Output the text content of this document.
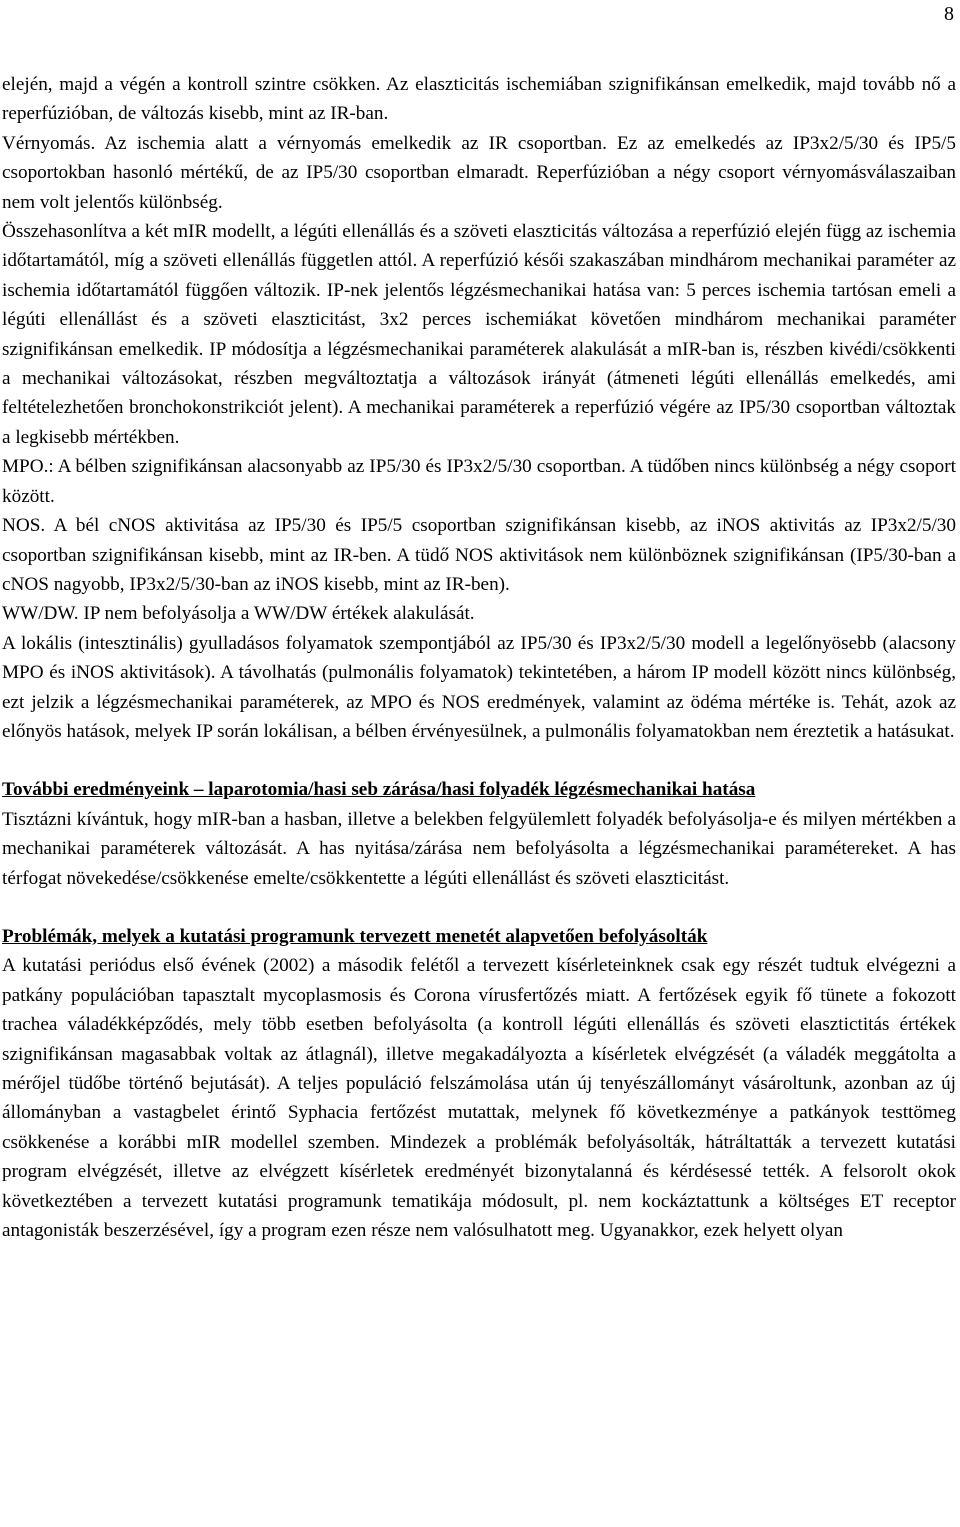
8

elején, majd a végén a kontroll szintre csökken. Az elaszticitás ischemiában szignifikánsan emelkedik, majd tovább nő a reperfúzióban, de változás kisebb, mint az IR-ban.

Vérnyomás. Az ischemia alatt a vérnyomás emelkedik az IR csoportban. Ez az emelkedés az IP3x2/5/30 és IP5/5 csoportokban hasonló mértékű, de az IP5/30 csoportban elmaradt. Reperfúzióban a négy csoport vérnyomásválaszaiban nem volt jelentős különbség.

Összehasonlítva a két mIR modellt, a légúti ellenállás és a szöveti elaszticitás változása a reperfúzió elején függ az ischemia időtartamától, míg a szöveti ellenállás független attól. A reperfúzió késői szakaszában mindhárom mechanikai paraméter az ischemia időtartamától függően változik. IP-nek jelentős légzésmechanikai hatása van: 5 perces ischemia tartósan emeli a légúti ellenállást és a szöveti elaszticitást, 3x2 perces ischemiákat követően mindhárom mechanikai paraméter szignifikánsan emelkedik. IP módosítja a légzésmechanikai paraméterek alakulását a mIR-ban is, részben kivédi/csökkenti a mechanikai változásokat, részben megváltoztatja a változások irányát (átmeneti légúti ellenállás emelkedés, ami feltételezhetően bronchokonstrikciót jelent). A mechanikai paraméterek a reperfúzió végére az IP5/30 csoportban változtak a legkisebb mértékben.

MPO.: A bélben szignifikánsan alacsonyabb az IP5/30 és IP3x2/5/30 csoportban. A tüdőben nincs különbség a négy csoport között.

NOS. A bél cNOS aktivitása az IP5/30 és IP5/5 csoportban szignifikánsan kisebb, az iNOS aktivitás az IP3x2/5/30 csoportban szignifikánsan kisebb, mint az IR-ben. A tüdő NOS aktivitások nem különböznek szignifikánsan (IP5/30-ban a cNOS nagyobb, IP3x2/5/30-ban az iNOS kisebb, mint az IR-ben).

WW/DW. IP nem befolyásolja a WW/DW értékek alakulását.

A lokális (intesztinális) gyulladásos folyamatok szempontjából az IP5/30 és IP3x2/5/30 modell a legelőnyösebb (alacsony MPO és iNOS aktivitások). A távolhatás (pulmonális folyamatok) tekintetében, a három IP modell között nincs különbség, ezt jelzik a légzésmechanikai paraméterek, az MPO és NOS eredmények, valamint az ödéma mértéke is. Tehát, azok az előnyös hatások, melyek IP során lokálisan, a bélben érvényesülnek, a pulmonális folyamatokban nem éreztetik a hatásukat.

További eredményeink – laparotomia/hasi seb zárása/hasi folyadék légzésmechanikai hatása

Tisztázni kívántuk, hogy mIR-ban a hasban, illetve a belekben felgyülemlett folyadék befolyásolja-e és milyen mértékben a mechanikai paraméterek változását. A has nyitása/zárása nem befolyásolta a légzésmechanikai paramétereket. A has térfogat növekedése/csökkenése emelte/csökkentette a légúti ellenállást és szöveti elaszticitást.

Problémák, melyek a kutatási programunk tervezett menetét alapvetően befolyásolták

A kutatási periódus első évének (2002) a második felétől a tervezett kísérleteinknek csak egy részét tudtuk elvégezni a patkány populációban tapasztalt mycoplasmosis és Corona vírusfertőzés miatt. A fertőzések egyik fő tünete a fokozott trachea váladékképződés, mely több esetben befolyásolta (a kontroll légúti ellenállás és szöveti elasztictitás értékek szignifikánsan magasabbak voltak az átlagnál), illetve megakadályozta a kísérletek elvégzését (a váladék meggátolta a mérőjel tüdőbe történő bejutását). A teljes populáció felszámolása után új tenyészállományt vásároltunk, azonban az új állományban a vastagbelet érintő Syphacia fertőzést mutattak, melynek fő következménye a patkányok testtömeg csökkenése a korábbi mIR modellel szemben. Mindezek a problémák befolyásolták, hátráltatták a tervezett kutatási program elvégzését, illetve az elvégzett kísérletek eredményét bizonytalanná és kérdésessé tették. A felsorolt okok következtében a tervezett kutatási programunk tematikája módosult, pl. nem kockáztattunk a költséges ET receptor antagonisták beszerzésével, így a program ezen része nem valósulhatott meg. Ugyanakkor, ezek helyett olyan
